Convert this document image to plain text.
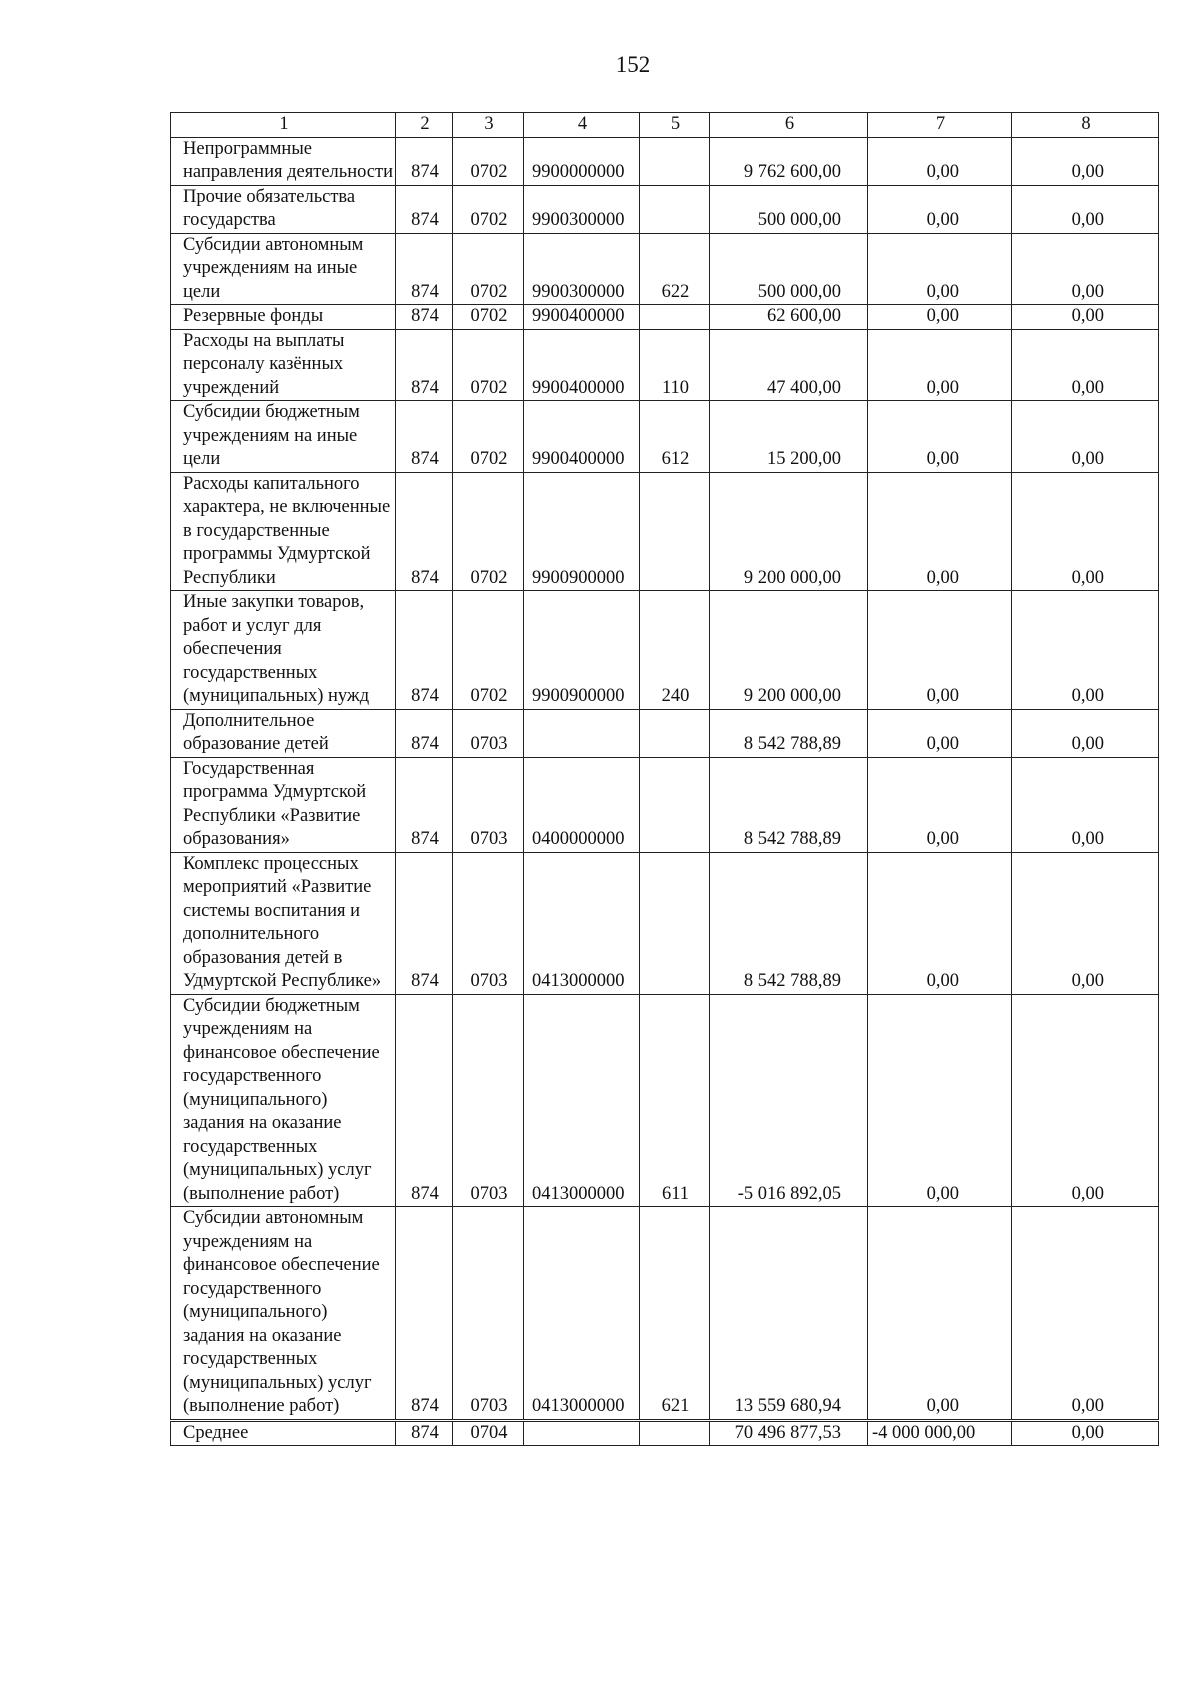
152
1	2	3	4	5	6	7	8
Непрограммные направления деятельности	874	0702	9900000000		9 762 600,00	0,00	0,00
Прочие обязательства государства	874	0702	9900300000		500 000,00	0,00	0,00
Субсидии автономным учреждениям на иные цели	874	0702	9900300000	622	500 000,00	0,00	0,00
Резервные фонды	874	0702	9900400000		62 600,00	0,00	0,00
Расходы на выплаты персоналу казённых учреждений	874	0702	9900400000	110	47 400,00	0,00	0,00
Субсидии бюджетным учреждениям на иные цели	874	0702	9900400000	612	15 200,00	0,00	0,00
Расходы капитального характера, не включенные в государственные программы Удмуртской Республики	874	0702	9900900000		9 200 000,00	0,00	0,00
Иные закупки товаров, работ и услуг для обеспечения государственных (муниципальных) нужд	874	0702	9900900000	240	9 200 000,00	0,00	0,00
Дополнительное образование детей	874	0703			8 542 788,89	0,00	0,00
Государственная программа Удмуртской Республики «Развитие образования»	874	0703	0400000000		8 542 788,89	0,00	0,00
Комплекс процессных мероприятий «Развитие системы воспитания и дополнительного образования детей в Удмуртской Республике»	874	0703	0413000000		8 542 788,89	0,00	0,00
Субсидии бюджетным учреждениям на финансовое обеспечение государственного (муниципального) задания на оказание государственных (муниципальных) услуг (выполнение работ)	874	0703	0413000000	611	-5 016 892,05	0,00	0,00
Субсидии автономным учреждениям на финансовое обеспечение государственного (муниципального) задания на оказание государственных (муниципальных) услуг (выполнение работ)	874	0703	0413000000	621	13 559 680,94	0,00	0,00
Среднее	874	0704			70 496 877,53	-4 000 000,00	0,00
